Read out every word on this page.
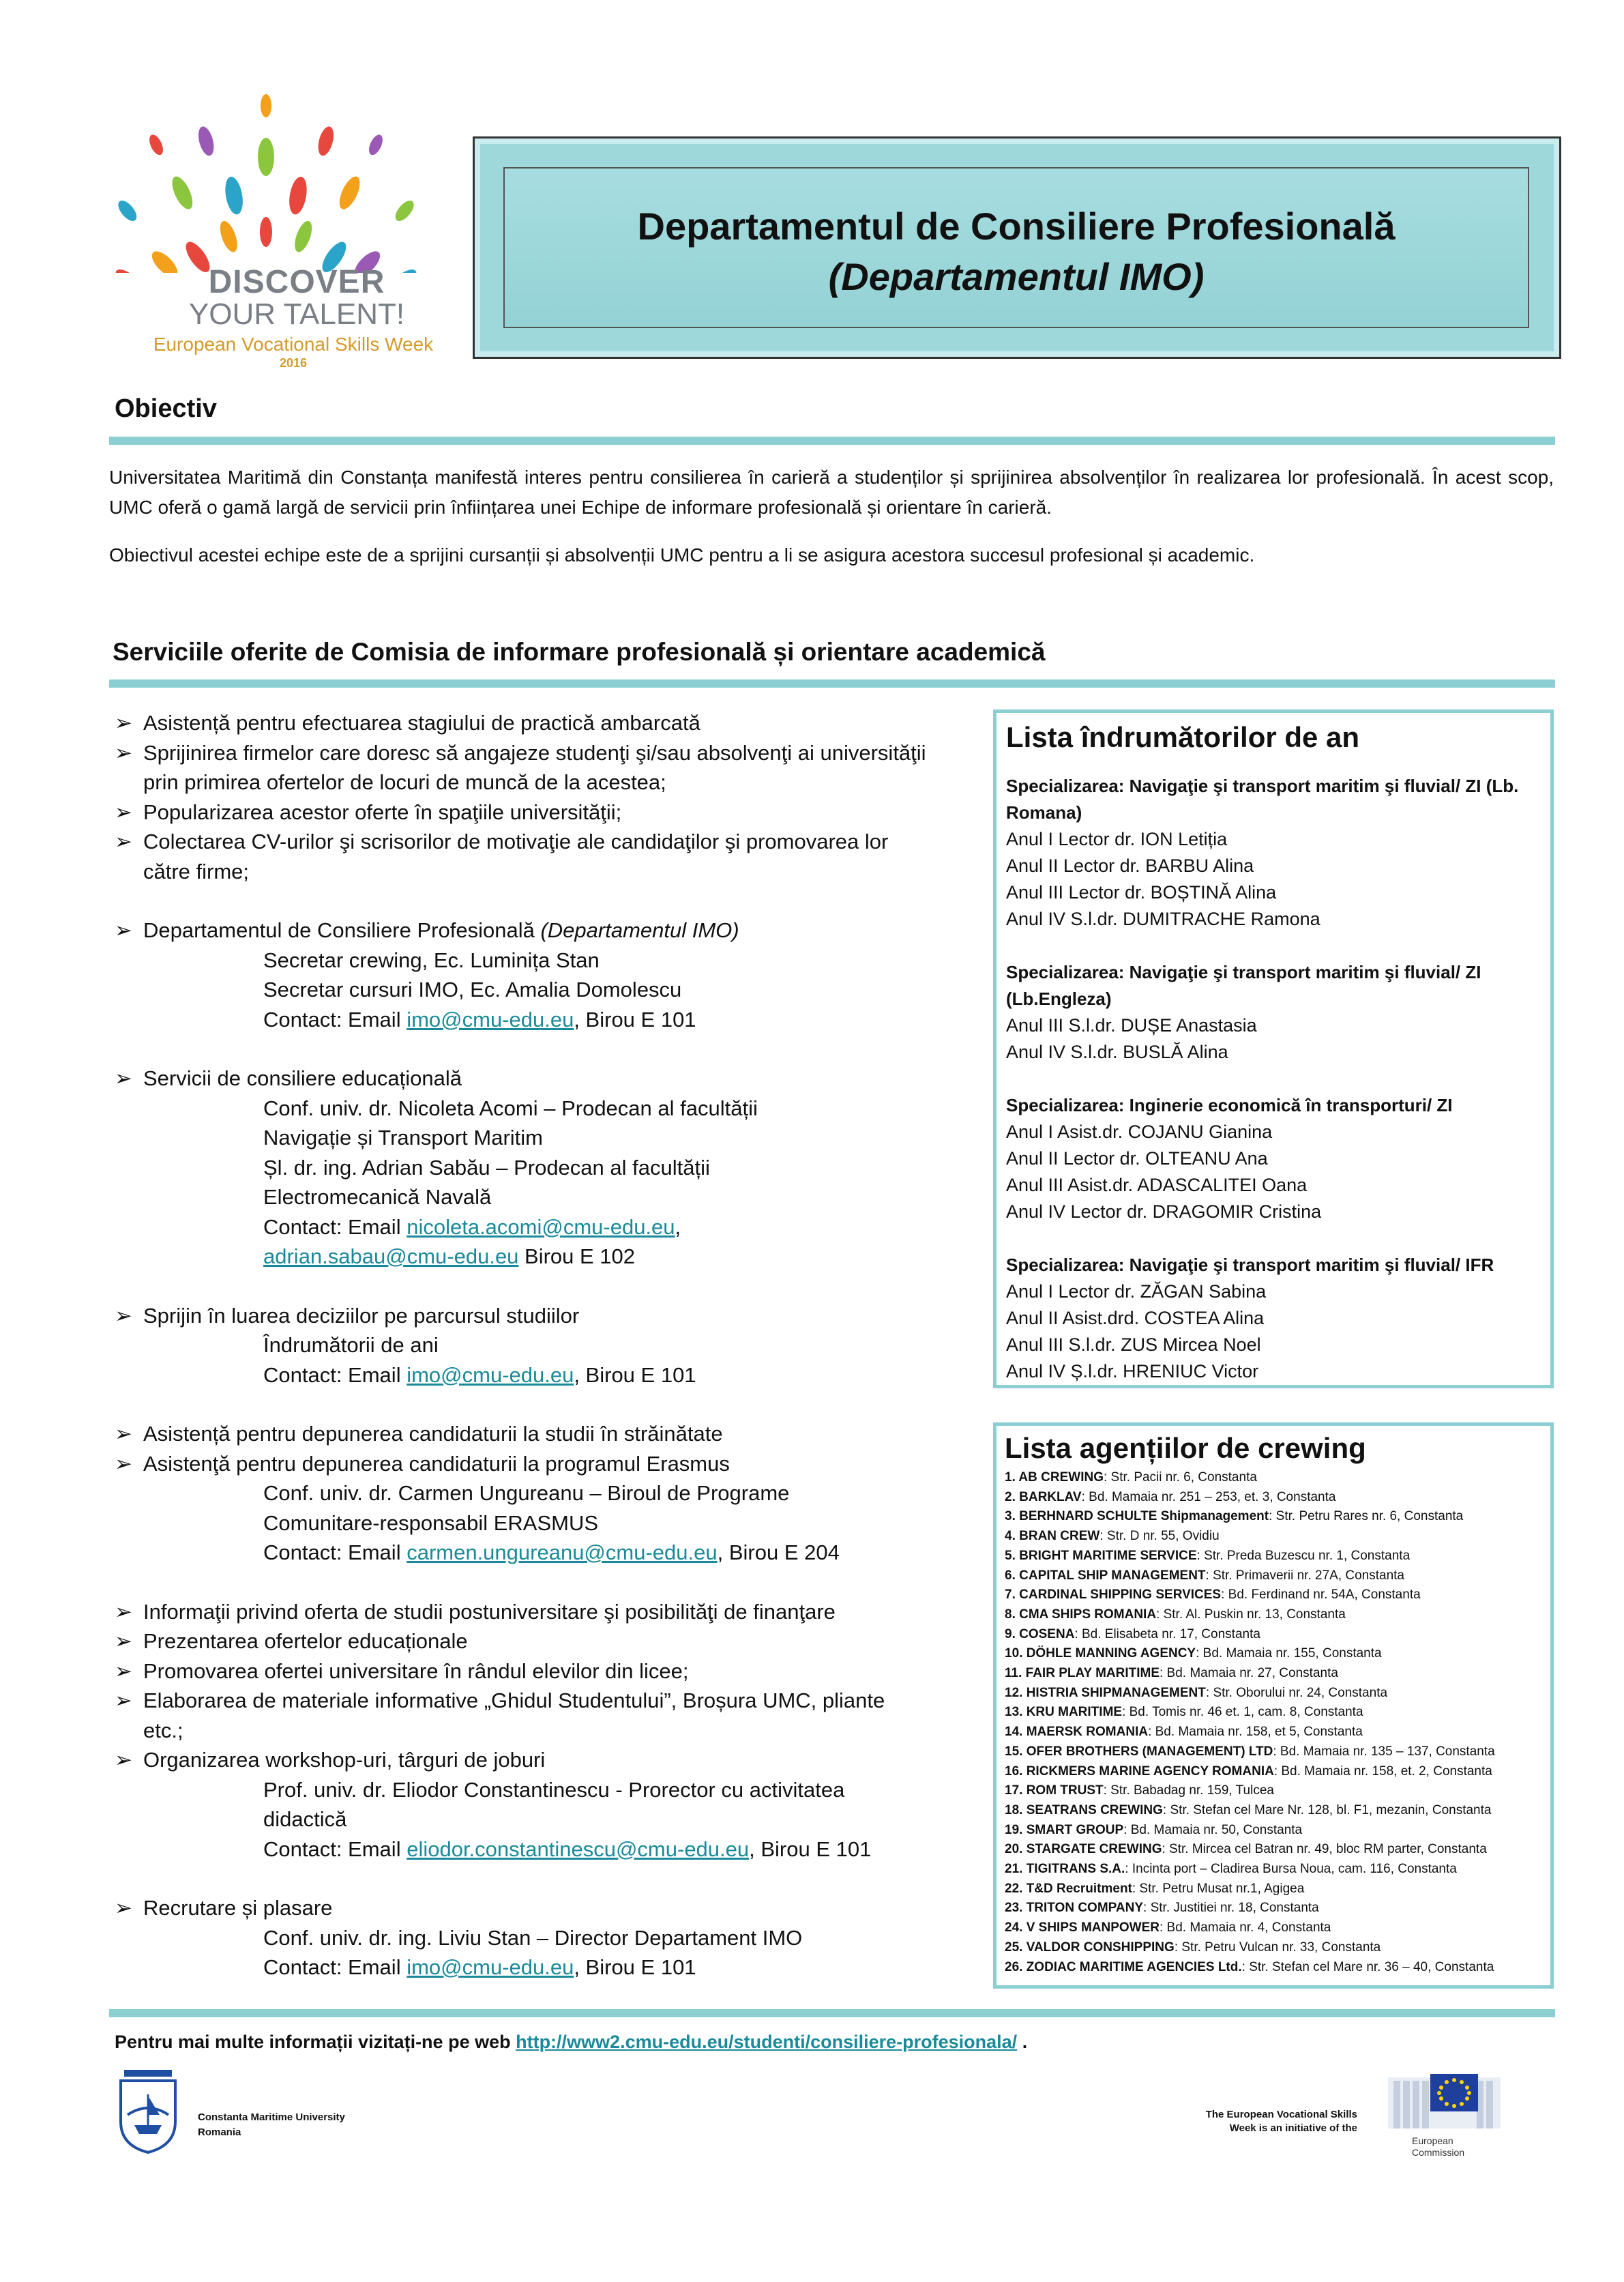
DISCOVER
YOUR TALENT!
European Vocational Skills Week
2016
Departamentul de Consiliere Profesională
(Departamentul IMO)
Obiectiv
Universitatea Maritimă din Constanța manifestă interes pentru consilierea în carieră a studenților și sprijinirea absolvenților în realizarea lor profesională. În acest scop, UMC oferă o gamă largă de servicii prin înființarea unei Echipe de informare profesională și orientare în carieră.
Obiectivul acestei echipe este de a sprijini cursanții și absolvenții UMC pentru a li se asigura acestora succesul profesional și academic.
Serviciile oferite de Comisia de informare profesională și orientare academică
➢ Asistență pentru efectuarea stagiului de practică ambarcată
➢ Sprijinirea firmelor care doresc să angajeze studenţi şi/sau absolvenţi ai universităţii prin primirea ofertelor de locuri de muncă de la acestea;
➢ Popularizarea acestor oferte în spaţiile universităţii;
➢ Colectarea CV-urilor şi scrisorilor de motivaţie ale candidaţilor şi promovarea lor către firme;
➢ Departamentul de Consiliere Profesională (Departamentul IMO)
Secretar crewing, Ec. Luminița Stan
Secretar cursuri IMO, Ec. Amalia Domolescu
Contact: Email imo@cmu-edu.eu, Birou E 101
➢ Servicii de consiliere educațională
Conf. univ. dr. Nicoleta Acomi – Prodecan al facultății Navigație și Transport Maritim
Șl. dr. ing. Adrian Sabău – Prodecan al facultății Electromecanică Navală
Contact: Email nicoleta.acomi@cmu-edu.eu, adrian.sabau@cmu-edu.eu Birou E 102
➢ Sprijin în luarea deciziilor pe parcursul studiilor
Îndrumătorii de ani
Contact: Email imo@cmu-edu.eu, Birou E 101
➢ Asistență pentru depunerea candidaturii la studii în străinătate
➢ Asistenţă pentru depunerea candidaturii la programul Erasmus
Conf. univ. dr. Carmen Ungureanu – Biroul de Programe Comunitare-responsabil ERASMUS
Contact: Email carmen.ungureanu@cmu-edu.eu, Birou E 204
➢ Informaţii privind oferta de studii postuniversitare şi posibilităţi de finanţare
➢ Prezentarea ofertelor educaționale
➢ Promovarea ofertei universitare în rândul elevilor din licee;
➢ Elaborarea de materiale informative „Ghidul Studentului”, Broșura UMC, pliante etc.;
➢ Organizarea workshop-uri, târguri de joburi
Prof. univ. dr. Eliodor Constantinescu - Prorector cu activitatea didactică
Contact: Email eliodor.constantinescu@cmu-edu.eu, Birou E 101
➢ Recrutare și plasare
Conf. univ. dr. ing. Liviu Stan – Director Departament IMO
Contact: Email imo@cmu-edu.eu, Birou E 101
Lista îndrumătorilor de an
Specializarea: Navigaţie şi transport maritim şi fluvial/ ZI (Lb. Romana)
Anul I Lector dr. ION Letiția
Anul II Lector dr. BARBU Alina
Anul III Lector dr. BOȘTINĂ Alina
Anul IV S.l.dr. DUMITRACHE Ramona
Specializarea: Navigaţie şi transport maritim şi fluvial/ ZI (Lb.Engleza)
Anul III S.l.dr. DUȘE Anastasia
Anul IV S.l.dr. BUSLĂ Alina
Specializarea: Inginerie economică în transporturi/ ZI
Anul I Asist.dr. COJANU Gianina
Anul II Lector dr. OLTEANU Ana
Anul III Asist.dr. ADASCALITEI Oana
Anul IV Lector dr. DRAGOMIR Cristina
Specializarea: Navigaţie şi transport maritim şi fluvial/ IFR
Anul I Lector dr. ZĂGAN Sabina
Anul II Asist.drd. COSTEA Alina
Anul III S.l.dr. ZUS Mircea Noel
Anul IV Ș.l.dr. HRENIUC Victor
Lista agențiilor de crewing
1. AB CREWING: Str. Pacii nr. 6, Constanta
2. BARKLAV: Bd. Mamaia nr. 251 – 253, et. 3, Constanta
3. BERHNARD SCHULTE Shipmanagement: Str. Petru Rares nr. 6, Constanta
4. BRAN CREW: Str. D nr. 55, Ovidiu
5. BRIGHT MARITIME SERVICE: Str. Preda Buzescu nr. 1, Constanta
6. CAPITAL SHIP MANAGEMENT: Str. Primaverii nr. 27A, Constanta
7. CARDINAL SHIPPING SERVICES: Bd. Ferdinand nr. 54A, Constanta
8. CMA SHIPS ROMANIA: Str. Al. Puskin nr. 13, Constanta
9. COSENA: Bd. Elisabeta nr. 17, Constanta
10. DÖHLE MANNING AGENCY: Bd. Mamaia nr. 155, Constanta
11. FAIR PLAY MARITIME: Bd. Mamaia nr. 27, Constanta
12. HISTRIA SHIPMANAGEMENT: Str. Oborului nr. 24, Constanta
13. KRU MARITIME: Bd. Tomis nr. 46 et. 1, cam. 8, Constanta
14. MAERSK ROMANIA: Bd. Mamaia nr. 158, et 5, Constanta
15. OFER BROTHERS (MANAGEMENT) LTD: Bd. Mamaia nr. 135 – 137, Constanta
16. RICKMERS MARINE AGENCY ROMANIA: Bd. Mamaia nr. 158, et. 2, Constanta
17. ROM TRUST: Str. Babadag nr. 159, Tulcea
18. SEATRANS CREWING: Str. Stefan cel Mare Nr. 128, bl. F1, mezanin, Constanta
19. SMART GROUP: Bd. Mamaia nr. 50, Constanta
20. STARGATE CREWING: Str. Mircea cel Batran nr. 49, bloc RM parter, Constanta
21. TIGITRANS S.A.: Incinta port – Cladirea Bursa Noua, cam. 116, Constanta
22. T&D Recruitment: Str. Petru Musat nr.1, Agigea
23. TRITON COMPANY: Str. Justitiei nr. 18, Constanta
24. V SHIPS MANPOWER: Bd. Mamaia nr. 4, Constanta
25. VALDOR CONSHIPPING: Str. Petru Vulcan nr. 33, Constanta
26. ZODIAC MARITIME AGENCIES Ltd.: Str. Stefan cel Mare nr. 36 – 40, Constanta
Pentru mai multe informații vizitați-ne pe web http://www2.cmu-edu.eu/studenti/consiliere-profesionala/ .
Constanta Maritime University
Romania
The European Vocational Skills
Week is an initiative of the
European
Commission
